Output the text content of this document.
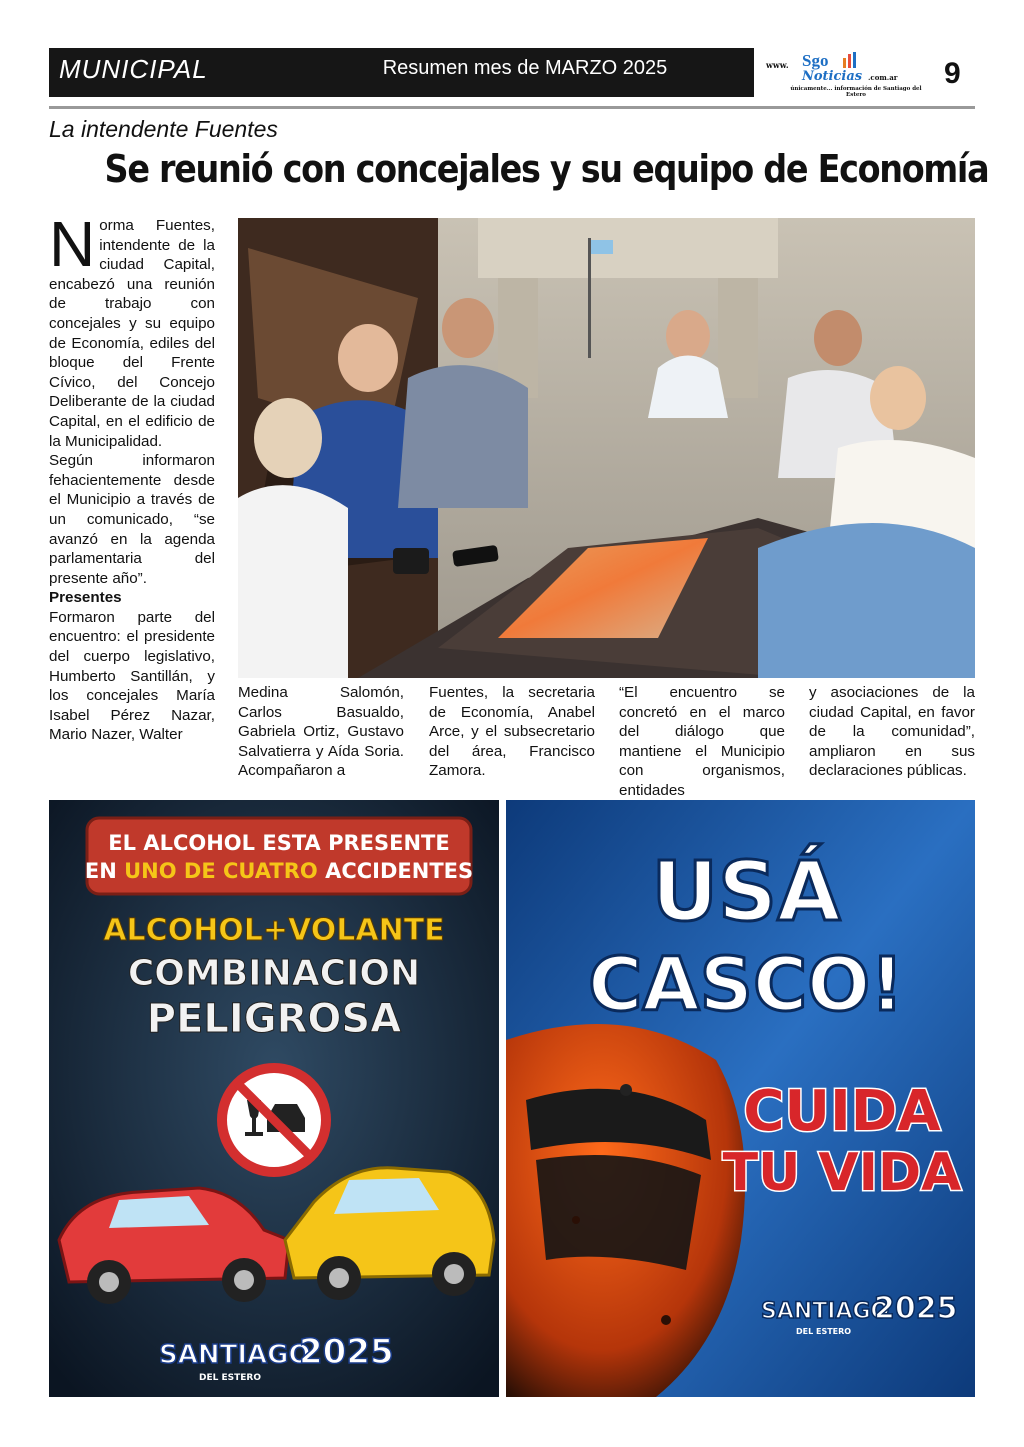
MUNICIPAL	Resumen mes de MARZO 2025	www. Sgo
Noticias .com.ar
únicamente... información de Santiago del Estero
9
La intendente Fuentes
Se reunió con concejales y su equipo de Economía

Norma Fuentes, intendente de la ciudad Capital, encabezó una reunión de trabajo con concejales y su equipo de Economía, ediles del bloque del Frente Cívico, del Concejo Deliberante de la ciudad Capital, en el edificio de la Municipalidad.

Según informaron fehacientemente desde el Municipio a través de un comunicado, “se avanzó en la agenda parlamentaria del presente año”.

Presentes

Formaron parte del encuentro: el presidente del cuerpo legislativo, Humberto Santillán, y los concejales María Isabel Pérez Nazar, Mario Nazer, Walter

Medina Salomón, Carlos Basualdo, Gabriela Ortiz, Gustavo Salvatierra y Aída Soria. Acompañaron a

Fuentes, la secretaria de Economía, Anabel Arce, y el subsecretario del área, Francisco Zamora.

“El encuentro se concretó en el marco del diálogo que mantiene el Municipio con organismos, entidades

y asociaciones de la ciudad Capital, en favor de la comunidad”, ampliaron en sus declaraciones públicas.

EL ALCOHOL ESTA PRESENTE
EN UNO DE CUATRO ACCIDENTES
ALCOHOL+VOLANTE
COMBINACION
PELIGROSA
SANTIAGO
2025
DEL ESTERO
USÁ
CASCO!
CUIDA
TU VIDA
SANTIAGO
2025
DEL ESTERO
